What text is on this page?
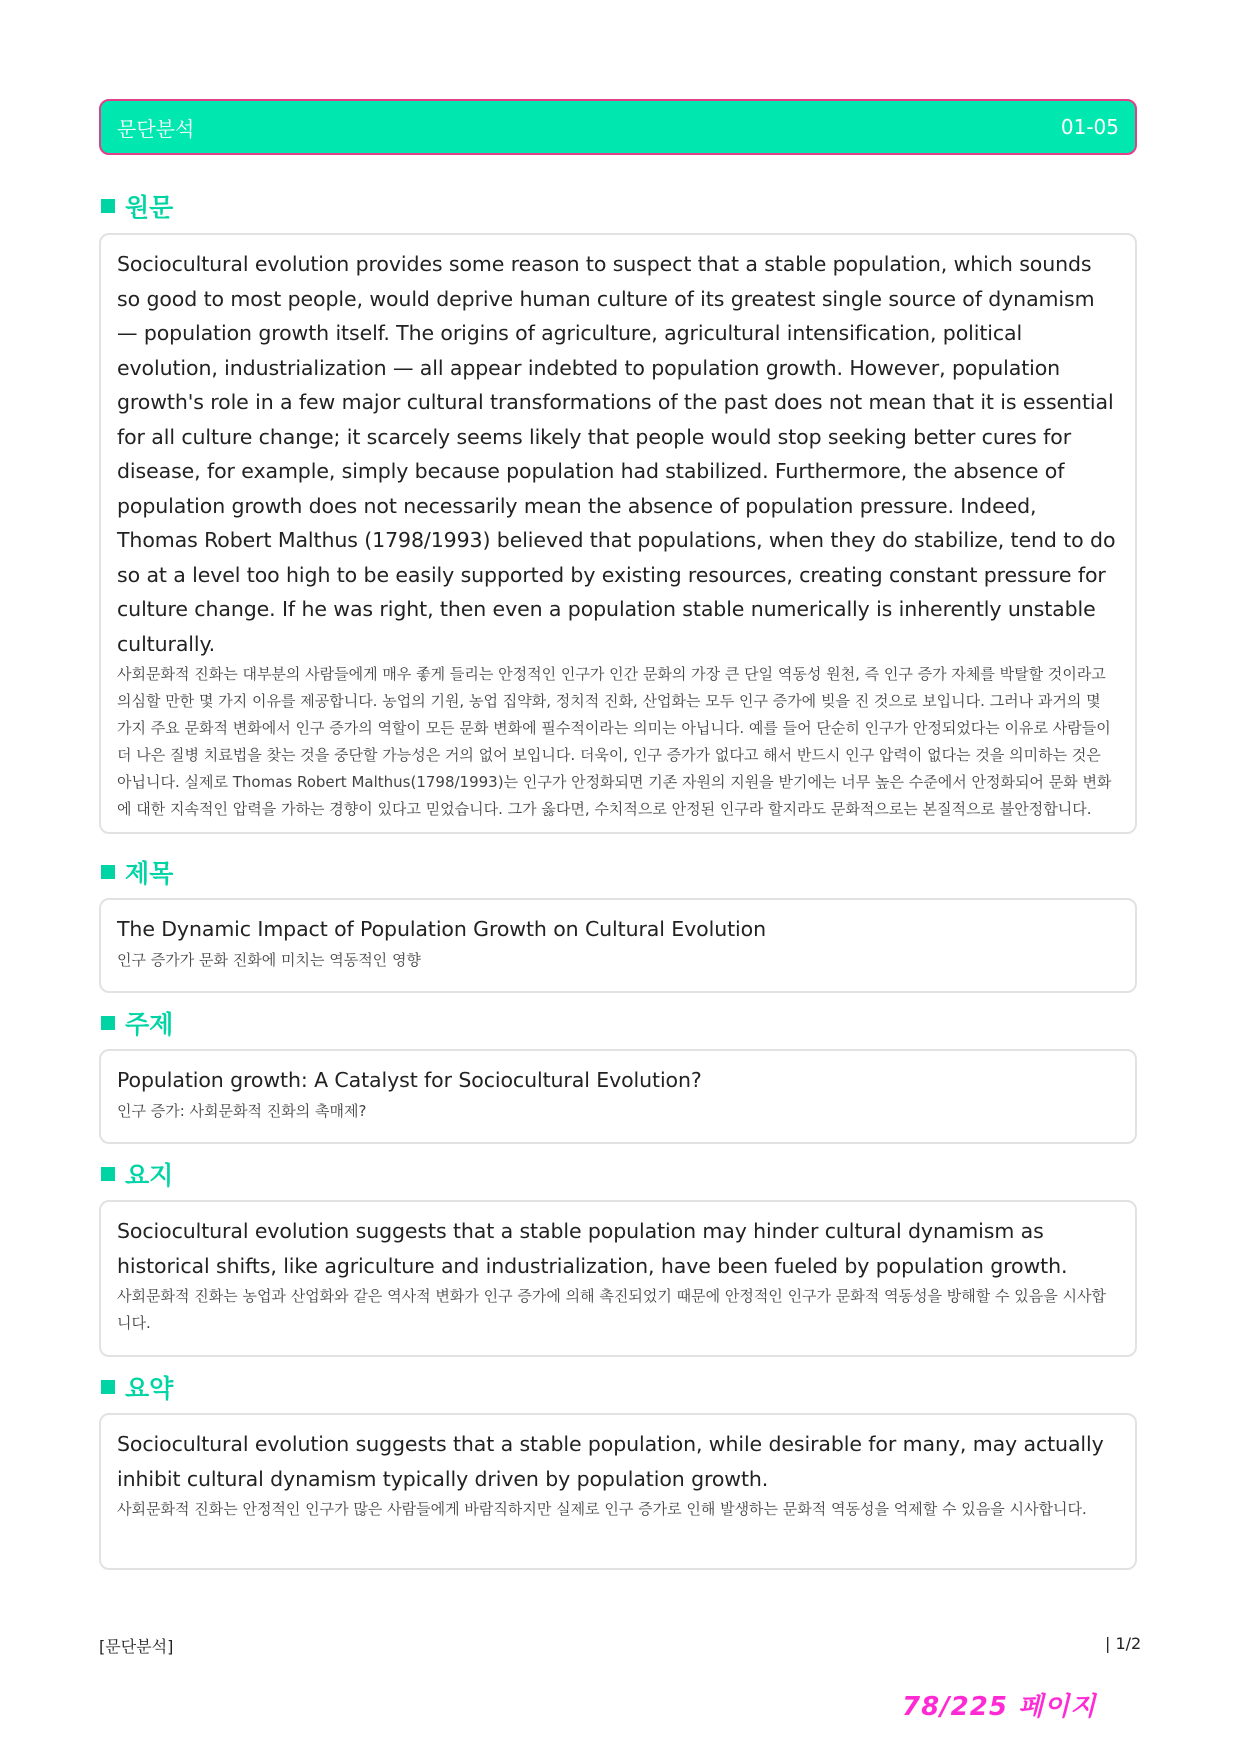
문단분석	01-05
원문

Sociocultural evolution provides some reason to suspect that a stable population, which sounds so good to most people, would deprive human culture of its greatest single source of dynamism — population growth itself. The origins of agriculture, agricultural intensification, political evolution, industrialization — all appear indebted to population growth. However, population growth's role in a few major cultural transformations of the past does not mean that it is essential for all culture change; it scarcely seems likely that people would stop seeking better cures for disease, for example, simply because population had stabilized. Furthermore, the absence of population growth does not necessarily mean the absence of population pressure. Indeed, Thomas Robert Malthus (1798/1993) believed that populations, when they do stabilize, tend to do so at a level too high to be easily supported by existing resources, creating constant pressure for culture change. If he was right, then even a population stable numerically is inherently unstable culturally.

사회문화적 진화는 대부분의 사람들에게 매우 좋게 들리는 안정적인 인구가 인간 문화의 가장 큰 단일 역동성 원천, 즉 인구 증가 자체를 박탈할 것이라고 의심할 만한 몇 가지 이유를 제공합니다. 농업의 기원, 농업 집약화, 정치적 진화, 산업화는 모두 인구 증가에 빚을 진 것으로 보입니다. 그러나 과거의 몇 가지 주요 문화적 변화에서 인구 증가의 역할이 모든 문화 변화에 필수적이라는 의미는 아닙니다. 예를 들어 단순히 인구가 안정되었다는 이유로 사람들이 더 나은 질병 치료법을 찾는 것을 중단할 가능성은 거의 없어 보입니다. 더욱이, 인구 증가가 없다고 해서 반드시 인구 압력이 없다는 것을 의미하는 것은 아닙니다. 실제로 Thomas Robert Malthus(1798/1993)는 인구가 안정화되면 기존 자원의 지원을 받기에는 너무 높은 수준에서 안정화되어 문화 변화에 대한 지속적인 압력을 가하는 경향이 있다고 믿었습니다. 그가 옳다면, 수치적으로 안정된 인구라 할지라도 문화적으로는 본질적으로 불안정합니다.

제목

The Dynamic Impact of Population Growth on Cultural Evolution

인구 증가가 문화 진화에 미치는 역동적인 영향

주제

Population growth: A Catalyst for Sociocultural Evolution?

인구 증가: 사회문화적 진화의 촉매제?

요지

Sociocultural evolution suggests that a stable population may hinder cultural dynamism as historical shifts, like agriculture and industrialization, have been fueled by population growth.

사회문화적 진화는 농업과 산업화와 같은 역사적 변화가 인구 증가에 의해 촉진되었기 때문에 안정적인 인구가 문화적 역동성을 방해할 수 있음을 시사합니다.

요약

Sociocultural evolution suggests that a stable population, while desirable for many, may actually inhibit cultural dynamism typically driven by population growth.

사회문화적 진화는 안정적인 인구가 많은 사람들에게 바람직하지만 실제로 인구 증가로 인해 발생하는 문화적 역동성을 억제할 수 있음을 시사합니다.

[문단분석]	| 1/2
78/225 페이지
